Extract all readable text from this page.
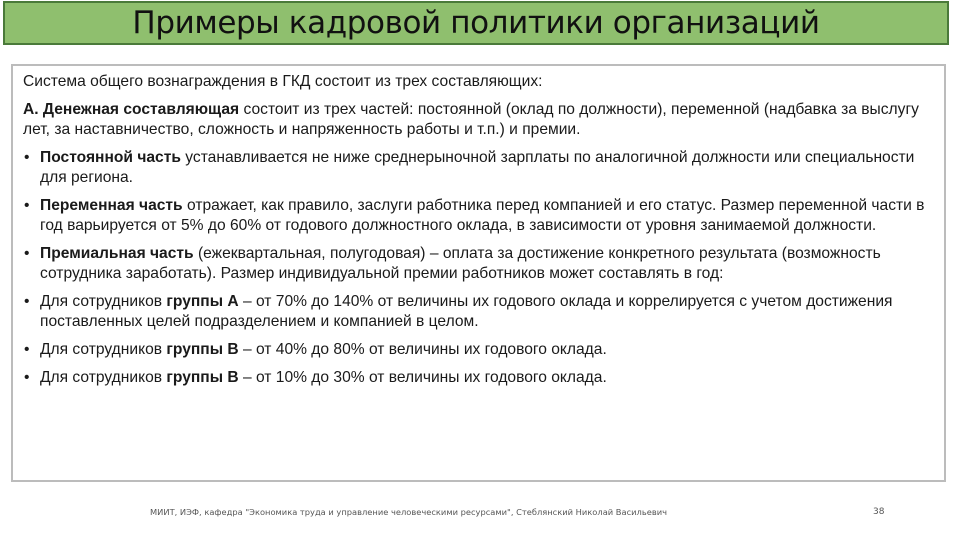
Примеры кадровой политики организаций

Система общего вознаграждения в ГКД состоит из трех составляющих:

А. Денежная составляющая состоит из трех частей: постоянной (оклад по должности), переменной (надбавка за выслугу лет, за наставничество, сложность и напряженность работы и т.п.) и премии.

• Постоянной часть устанавливается не ниже среднерыночной зарплаты по аналогичной должности или специальности для региона.
• Переменная часть отражает, как правило, заслуги работника перед компанией и его статус. Размер переменной части в год варьируется от 5% до 60% от годового должностного оклада, в зависимости от уровня занимаемой должности.
• Премиальная часть (ежеквартальная, полугодовая) – оплата за достижение конкретного результата (возможность сотрудника заработать). Размер индивидуальной премии работников может составлять в год:
• Для сотрудников группы А – от 70% до 140% от величины их годового оклада и коррелируется с учетом достижения поставленных целей подразделением и компанией в целом.
• Для сотрудников группы В – от 40% до 80% от величины их годового оклада.
• Для сотрудников группы В – от 10% до 30% от величины их годового оклада.
МИИТ, ИЭФ, кафедра "Экономика труда и управление человеческими ресурсами", Стеблянский Николай Васильевич	38
